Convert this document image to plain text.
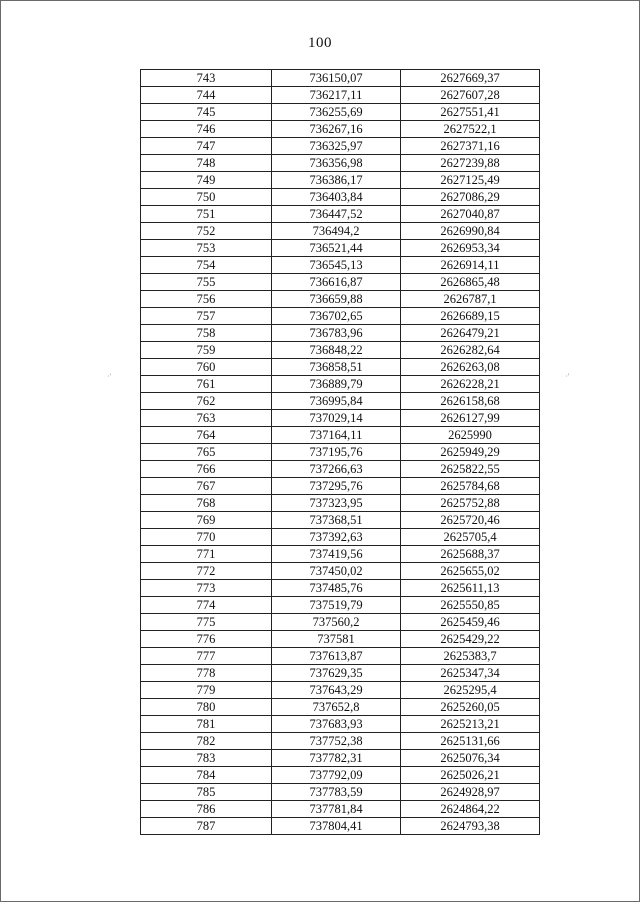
100
·'	·'
743	736150,07	2627669,37
744	736217,11	2627607,28
745	736255,69	2627551,41
746	736267,16	2627522,1
747	736325,97	2627371,16
748	736356,98	2627239,88
749	736386,17	2627125,49
750	736403,84	2627086,29
751	736447,52	2627040,87
752	736494,2	2626990,84
753	736521,44	2626953,34
754	736545,13	2626914,11
755	736616,87	2626865,48
756	736659,88	2626787,1
757	736702,65	2626689,15
758	736783,96	2626479,21
759	736848,22	2626282,64
760	736858,51	2626263,08
761	736889,79	2626228,21
762	736995,84	2626158,68
763	737029,14	2626127,99
764	737164,11	2625990
765	737195,76	2625949,29
766	737266,63	2625822,55
767	737295,76	2625784,68
768	737323,95	2625752,88
769	737368,51	2625720,46
770	737392,63	2625705,4
771	737419,56	2625688,37
772	737450,02	2625655,02
773	737485,76	2625611,13
774	737519,79	2625550,85
775	737560,2	2625459,46
776	737581	2625429,22
777	737613,87	2625383,7
778	737629,35	2625347,34
779	737643,29	2625295,4
780	737652,8	2625260,05
781	737683,93	2625213,21
782	737752,38	2625131,66
783	737782,31	2625076,34
784	737792,09	2625026,21
785	737783,59	2624928,97
786	737781,84	2624864,22
787	737804,41	2624793,38
